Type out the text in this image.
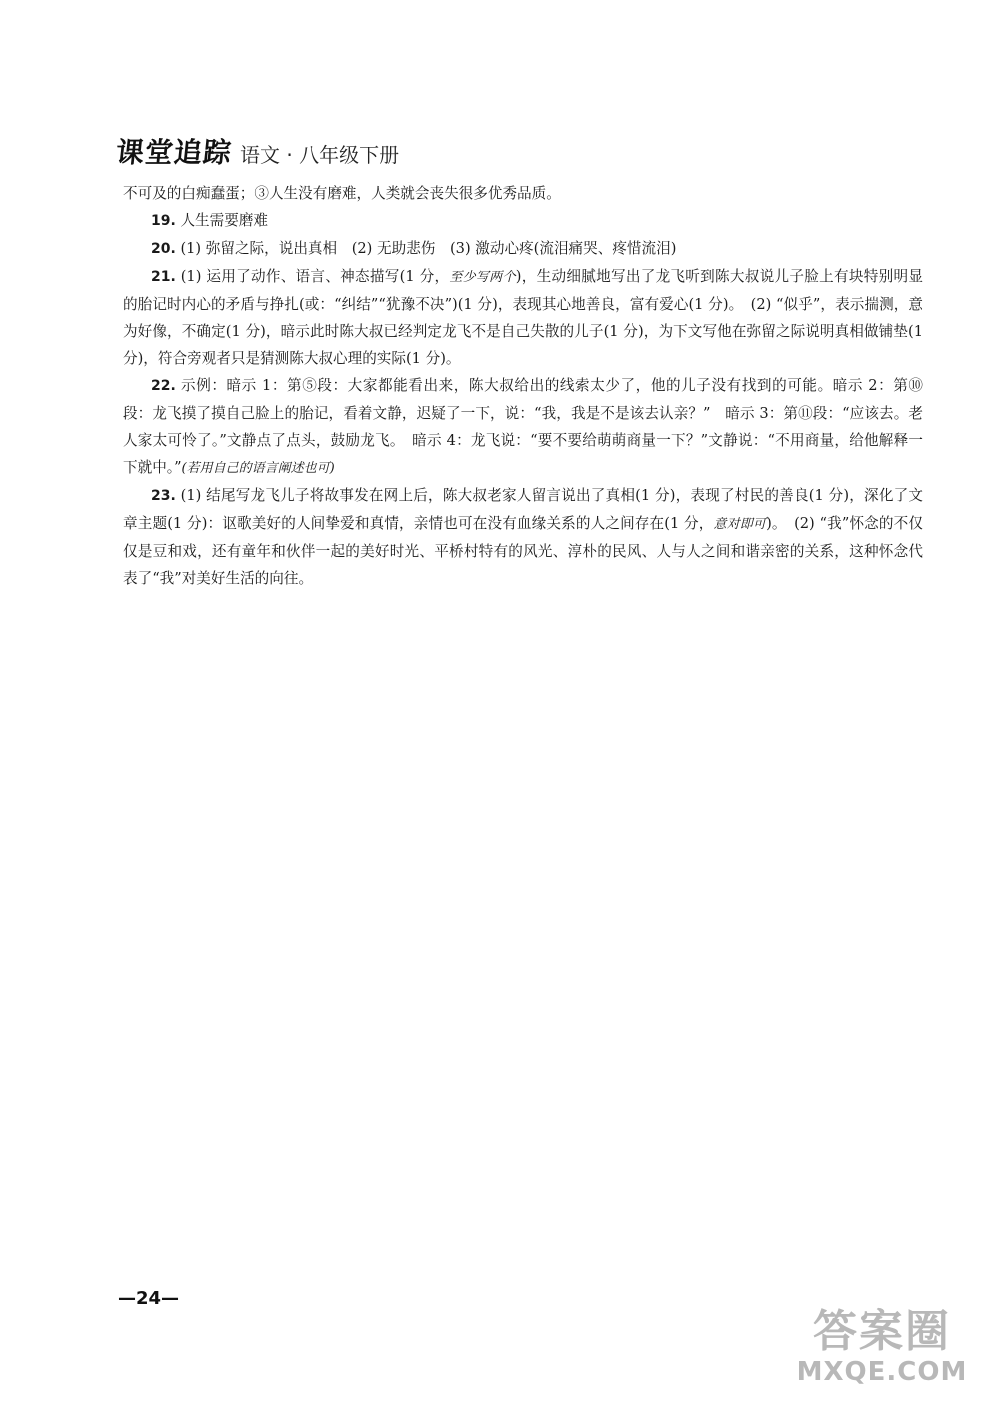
课堂追踪 语文 · 八年级下册

不可及的白痴蠢蛋；③人生没有磨难，人类就会丧失很多优秀品质。

19. 人生需要磨难

20. (1) 弥留之际，说出真相　(2) 无助悲伤　(3) 激动心疼(流泪痛哭、疼惜流泪)

21. (1) 运用了动作、语言、神态描写(1 分，至少写两个)，生动细腻地写出了龙飞听到陈大叔说儿子脸上有块特别明显的胎记时内心的矛盾与挣扎(或：“纠结”“犹豫不决”)(1 分)，表现其心地善良，富有爱心(1 分)。　(2) “似乎”，表示揣测，意为好像，不确定(1 分)，暗示此时陈大叔已经判定龙飞不是自己失散的儿子(1 分)，为下文写他在弥留之际说明真相做铺垫(1 分)，符合旁观者只是猜测陈大叔心理的实际(1 分)。

22. 示例：暗示 1：第⑤段：大家都能看出来，陈大叔给出的线索太少了，他的儿子没有找到的可能。暗示 2：第⑩段：龙飞摸了摸自己脸上的胎记，看着文静，迟疑了一下，说：“我，我是不是该去认亲？”　暗示 3：第⑪段：“应该去。老人家太可怜了。”文静点了点头，鼓励龙飞。　暗示 4：龙飞说：“要不要给萌萌商量一下？”文静说：“不用商量，给他解释一下就中。”(若用自己的语言阐述也可)

23. (1) 结尾写龙飞儿子将故事发在网上后，陈大叔老家人留言说出了真相(1 分)，表现了村民的善良(1 分)，深化了文章主题(1 分)：讴歌美好的人间挚爱和真情，亲情也可在没有血缘关系的人之间存在(1 分，意对即可)。　(2) “我”怀念的不仅仅是豆和戏，还有童年和伙伴一起的美好时光、平桥村特有的风光、淳朴的民风、人与人之间和谐亲密的关系，这种怀念代表了“我”对美好生活的向往。

—24—
答案圈
MXQE.COM
